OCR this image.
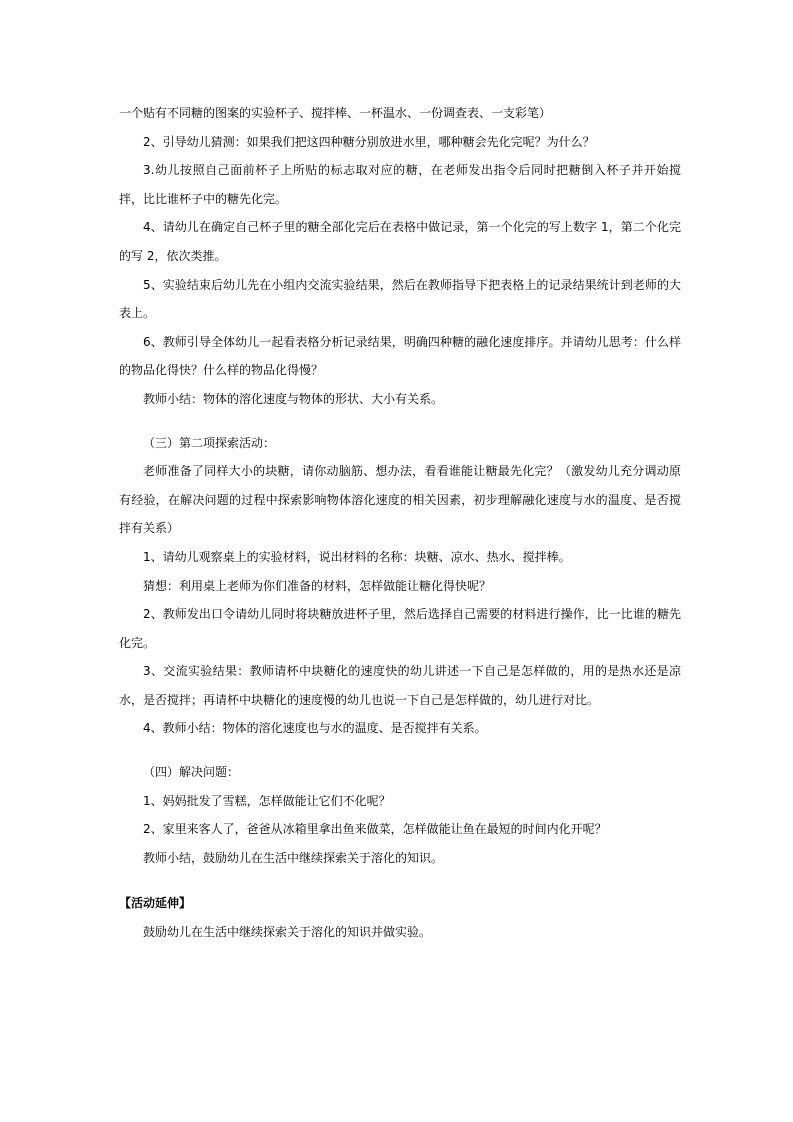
一个贴有不同糖的图案的实验杯子、搅拌棒、一杯温水、一份调查表、一支彩笔）

2、引导幼儿猜测：如果我们把这四种糖分别放进水里，哪种糖会先化完呢？为什么？

3.幼儿按照自己面前杯子上所贴的标志取对应的糖，在老师发出指令后同时把糖倒入杯子并开始搅拌，比比谁杯子中的糖先化完。

4、请幼儿在确定自己杯子里的糖全部化完后在表格中做记录，第一个化完的写上数字 1，第二个化完的写 2，依次类推。

5、实验结束后幼儿先在小组内交流实验结果，然后在教师指导下把表格上的记录结果统计到老师的大表上。

6、教师引导全体幼儿一起看表格分析记录结果，明确四种糖的融化速度排序。并请幼儿思考：什么样的物品化得快？什么样的物品化得慢？

教师小结：物体的溶化速度与物体的形状、大小有关系。

（三）第二项探索活动：

老师准备了同样大小的块糖，请你动脑筋、想办法，看看谁能让糖最先化完？（激发幼儿充分调动原有经验，在解决问题的过程中探索影响物体溶化速度的相关因素，初步理解融化速度与水的温度、是否搅拌有关系）

1、请幼儿观察桌上的实验材料，说出材料的名称：块糖、凉水、热水、搅拌棒。

猜想：利用桌上老师为你们准备的材料，怎样做能让糖化得快呢？

2、教师发出口令请幼儿同时将块糖放进杯子里，然后选择自己需要的材料进行操作，比一比谁的糖先化完。

3、交流实验结果：教师请杯中块糖化的速度快的幼儿讲述一下自己是怎样做的，用的是热水还是凉水，是否搅拌；再请杯中块糖化的速度慢的幼儿也说一下自己是怎样做的，幼儿进行对比。

4、教师小结：物体的溶化速度也与水的温度、是否搅拌有关系。

（四）解决问题：

1、妈妈批发了雪糕，怎样做能让它们不化呢？

2、家里来客人了，爸爸从冰箱里拿出鱼来做菜，怎样做能让鱼在最短的时间内化开呢？

教师小结，鼓励幼儿在生活中继续探索关于溶化的知识。

【活动延伸】

鼓励幼儿在生活中继续探索关于溶化的知识并做实验。
